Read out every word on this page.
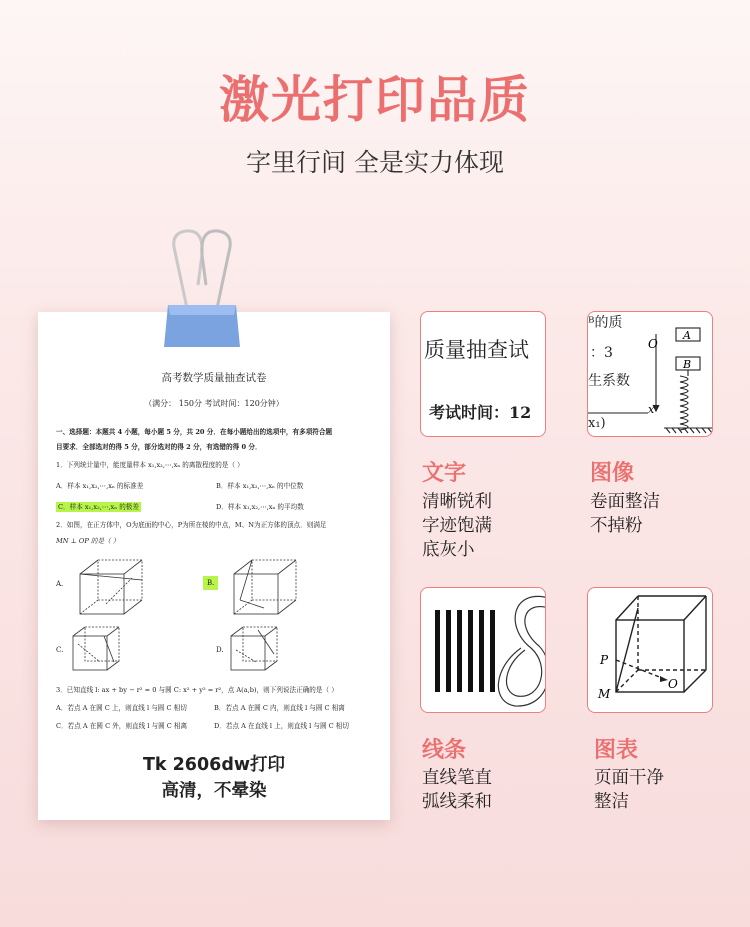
激光打印品质
字里行间 全是实力体现
高考数学质量抽查试卷
（满分： 150分 考试时间：120分钟）
一、选择题：本题共 4 小题，每小题 5 分，共 20 分．在每小题给出的选项中，有多项符合题
目要求．全部选对的得 5 分，部分选对的得 2 分，有选错的得 0 分．
1．下列统计量中，能度量样本 x₁,x₂,⋯,xₙ 的离散程度的是（ ）
A．样本 x₁,x₂,⋯,xₙ 的标准差	B．样本 x₁,x₂,⋯,xₙ 的中位数
C．样本 x₁,x₂,⋯,xₙ 的极差	D．样本 x₁,x₂,⋯,xₙ 的平均数
2．如图，在正方体中，O为底面的中心，P为所在棱的中点，M、N为正方体的顶点．则满足
MN ⊥ OP 的是（ ）
A.	B.
C.	D.
3．已知直线 l: ax + by − r² = 0 与圆 C: x² + y² = r²，点 A(a,b)，则下列说法正确的是（ ）
A．若点 A 在圆 C 上，则直线 l 与圆 C 相切	B．若点 A 在圆 C 内，则直线 l 与圆 C 相离
C．若点 A 在圆 C 外，则直线 l 与圆 C 相离	D．若点 A 在直线 l 上，则直线 l 与圆 C 相切
Tk 2606dw打印
高清，不晕染
质量抽查试
考试时间：12
文字
清晰锐利
字迹饱满
底灰小
ᴮ的质
：3
生系数
x₁)
O
A
B
x
图像
卷面整洁
不掉粉
线条
直线笔直
弧线柔和
P
M
O
图表
页面干净
整洁
